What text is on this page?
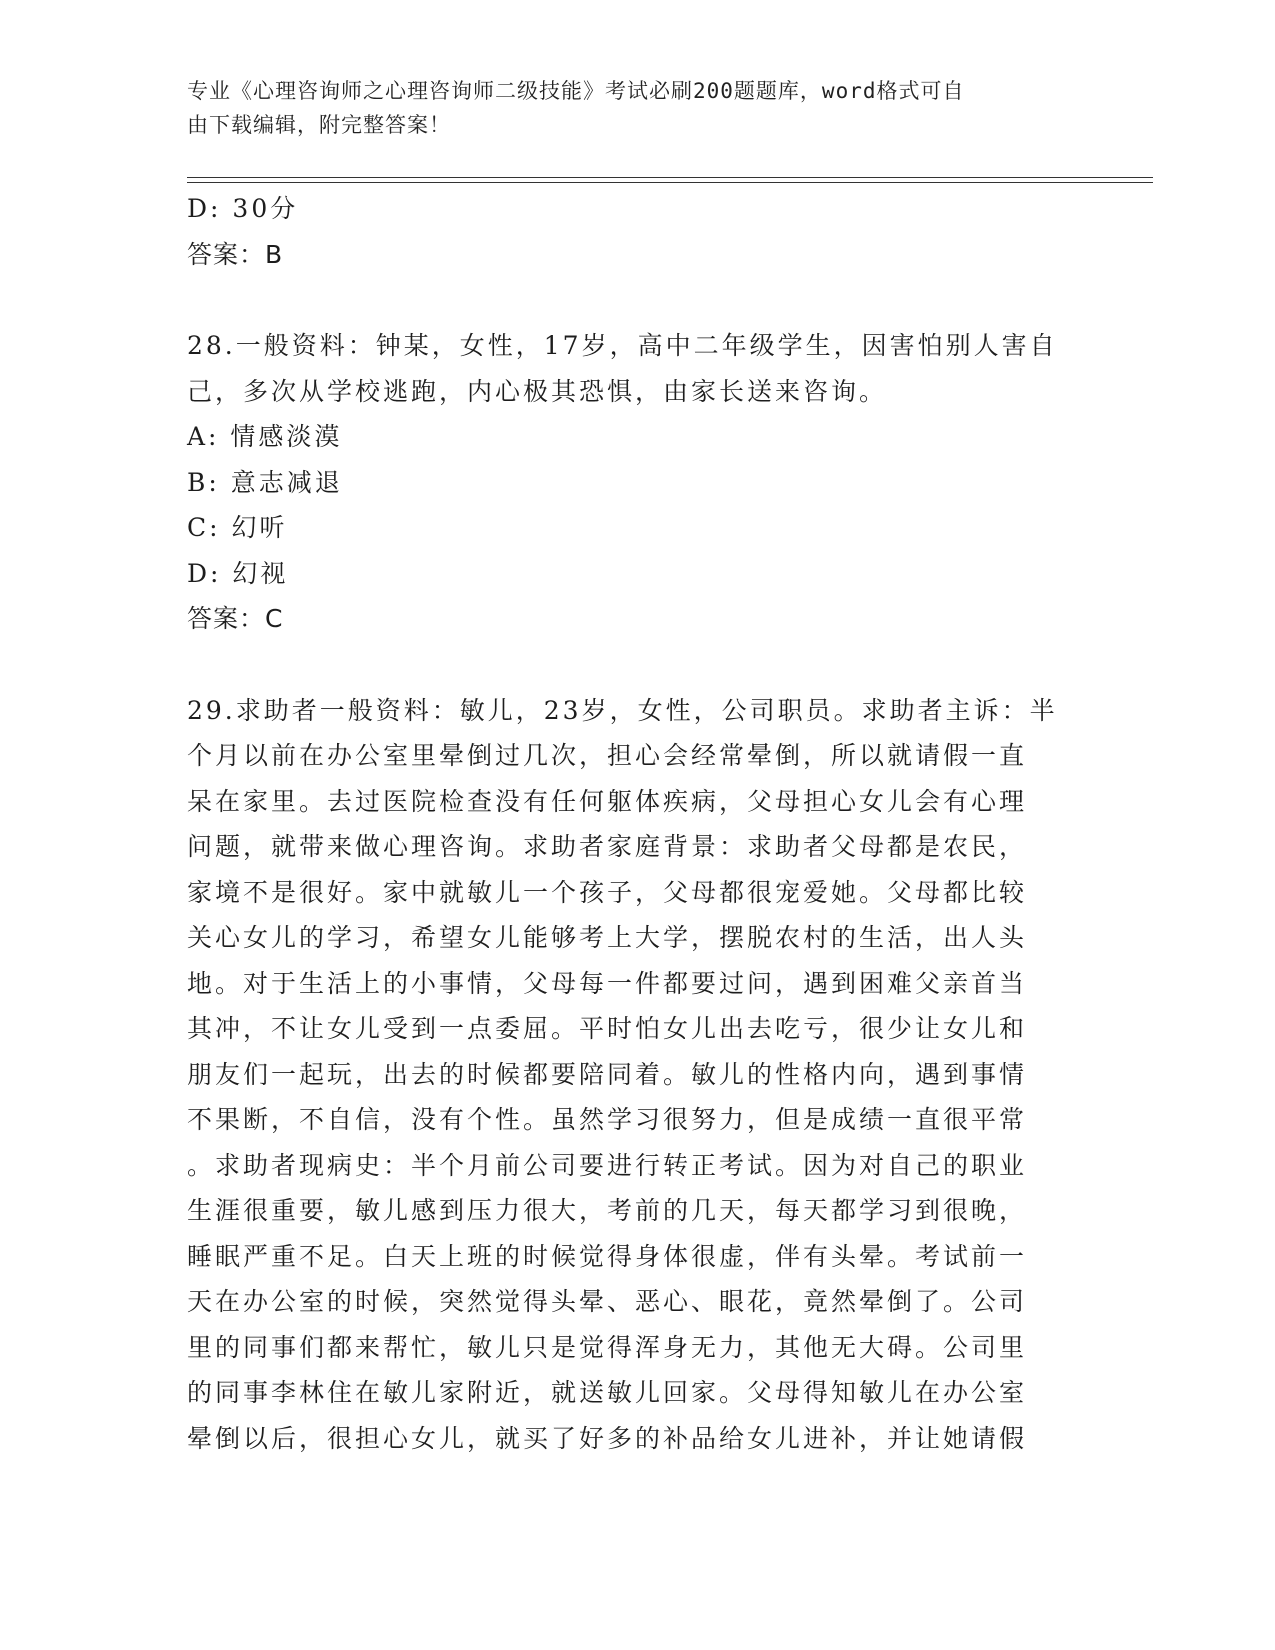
专业《心理咨询师之心理咨询师二级技能》考试必刷200题题库，word格式可自
由下载编辑，附完整答案！

D: 30分

答案：B

28.一般资料：钟某，女性，17岁，高中二年级学生，因害怕别人害自

己，多次从学校逃跑，内心极其恐惧，由家长送来咨询。

A: 情感淡漠

B: 意志减退

C: 幻听

D: 幻视

答案：C

29.求助者一般资料：敏儿，23岁，女性，公司职员。求助者主诉：半

个月以前在办公室里晕倒过几次，担心会经常晕倒，所以就请假一直

呆在家里。去过医院检查没有任何躯体疾病，父母担心女儿会有心理

问题，就带来做心理咨询。求助者家庭背景：求助者父母都是农民，

家境不是很好。家中就敏儿一个孩子，父母都很宠爱她。父母都比较

关心女儿的学习，希望女儿能够考上大学，摆脱农村的生活，出人头

地。对于生活上的小事情，父母每一件都要过问，遇到困难父亲首当

其冲，不让女儿受到一点委屈。平时怕女儿出去吃亏，很少让女儿和

朋友们一起玩，出去的时候都要陪同着。敏儿的性格内向，遇到事情

不果断，不自信，没有个性。虽然学习很努力，但是成绩一直很平常

。求助者现病史：半个月前公司要进行转正考试。因为对自己的职业

生涯很重要，敏儿感到压力很大，考前的几天，每天都学习到很晚，

睡眠严重不足。白天上班的时候觉得身体很虚，伴有头晕。考试前一

天在办公室的时候，突然觉得头晕、恶心、眼花，竟然晕倒了。公司

里的同事们都来帮忙，敏儿只是觉得浑身无力，其他无大碍。公司里

的同事李林住在敏儿家附近，就送敏儿回家。父母得知敏儿在办公室

晕倒以后，很担心女儿，就买了好多的补品给女儿进补，并让她请假
